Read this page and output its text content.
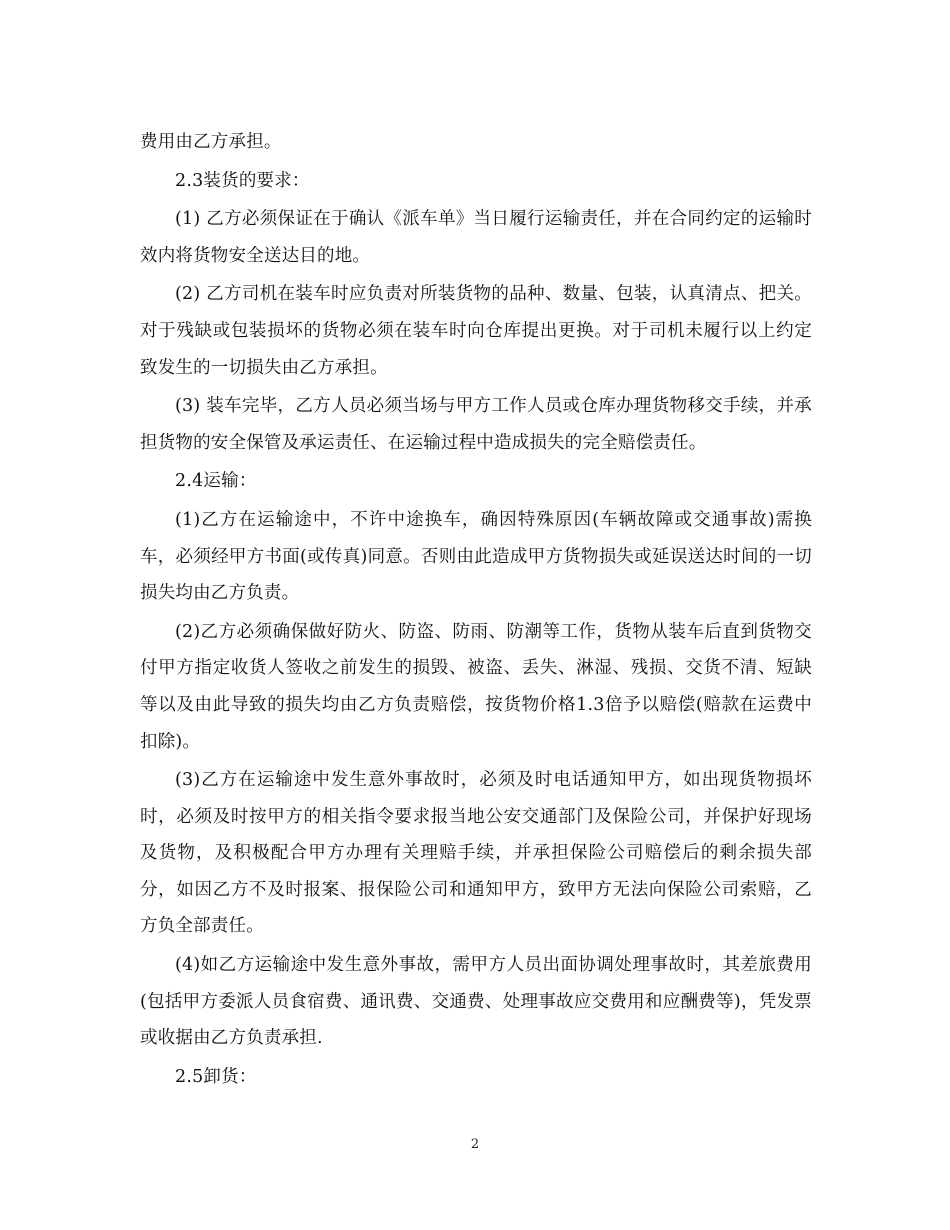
费用由乙方承担。

2.3装货的要求：

(1) 乙方必须保证在于确认《派车单》当日履行运输责任，并在合同约定的运输时效内将货物安全送达目的地。

(2) 乙方司机在装车时应负责对所装货物的品种、数量、包装，认真清点、把关。对于残缺或包装损坏的货物必须在装车时向仓库提出更换。对于司机未履行以上约定致发生的一切损失由乙方承担。

(3) 装车完毕，乙方人员必须当场与甲方工作人员或仓库办理货物移交手续，并承担货物的安全保管及承运责任、在运输过程中造成损失的完全赔偿责任。

2.4运输：

(1)乙方在运输途中，不许中途换车，确因特殊原因(车辆故障或交通事故)需换车，必须经甲方书面(或传真)同意。否则由此造成甲方货物损失或延误送达时间的一切损失均由乙方负责。

(2)乙方必须确保做好防火、防盗、防雨、防潮等工作，货物从装车后直到货物交付甲方指定收货人签收之前发生的损毁、被盗、丢失、淋湿、残损、交货不清、短缺等以及由此导致的损失均由乙方负责赔偿，按货物价格1.3倍予以赔偿(赔款在运费中扣除)。

(3)乙方在运输途中发生意外事故时，必须及时电话通知甲方，如出现货物损坏时，必须及时按甲方的相关指令要求报当地公安交通部门及保险公司，并保护好现场及货物，及积极配合甲方办理有关理赔手续，并承担保险公司赔偿后的剩余损失部分，如因乙方不及时报案、报保险公司和通知甲方，致甲方无法向保险公司索赔，乙方负全部责任。

(4)如乙方运输途中发生意外事故，需甲方人员出面协调处理事故时，其差旅费用(包括甲方委派人员食宿费、通讯费、交通费、处理事故应交费用和应酬费等)，凭发票或收据由乙方负责承担.

2.5卸货：

2
